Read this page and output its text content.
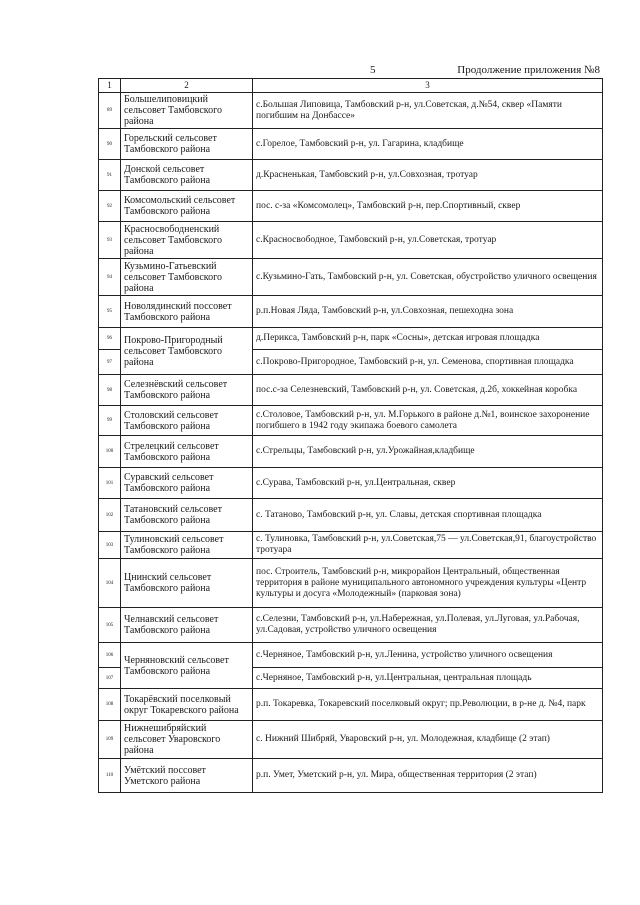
5	Продолжение приложения №8
1	2	3
89	Большелиповицкий сельсовет Тамбовского района	с.Большая Липовица, Тамбовский р-н, ул.Советская, д.№54, сквер «Памяти погибшим на Донбассе»
90	Горельский сельсовет Тамбовского района	с.Горелое, Тамбовский р-н, ул. Гагарина, кладбище
91	Донской сельсовет Тамбовского района	д.Красненькая, Тамбовский р-н, ул.Совхозная, тротуар
92	Комсомольский сельсовет Тамбовского района	пос. с-за «Комсомолец», Тамбовский р-н, пер.Спортивный, сквер
93	Красносвободненский сельсовет Тамбовского района	с.Красносвободное, Тамбовский р-н, ул.Советская, тротуар
94	Кузьмино-Гатьевский сельсовет Тамбовского района	с.Кузьмино-Гать, Тамбовский р-н, ул. Советская, обустройство уличного освещения
95	Новолядинский поссовет Тамбовского района	р.п.Новая Ляда, Тамбовский р-н, ул.Совхозная, пешеходна зона
96	Покрово-Пригородный сельсовет Тамбовского района	д.Перикса, Тамбовский р-н, парк «Сосны», детская игровая площадка
97		с.Покрово-Пригородное, Тамбовский р-н, ул. Семенова, спортивная площадка
98	Селезнёвский сельсовет Тамбовского района	пос.с-за Селезневский, Тамбовский р-н, ул. Советская, д.2б, хоккейная коробка
99	Столовский сельсовет Тамбовского района	с.Столовое, Тамбовский р-н, ул. М.Горького в районе д.№1, воинское захоронение погибшего в 1942 году экипажа боевого самолета
100	Стрелецкий сельсовет Тамбовского района	с.Стрельцы, Тамбовский р-н, ул.Урожайная,кладбище
101	Суравский сельсовет Тамбовского района	с.Сурава, Тамбовский р-н, ул.Центральная, сквер
102	Татановский сельсовет Тамбовского района	с. Татаново, Тамбовский р-н, ул. Славы, детская спортивная площадка
103	Тулиновский сельсовет Тамбовского района	с. Тулиновка, Тамбовский р-н, ул.Советская,75 — ул.Советская,91, благоустройство тротуара
104	Цнинский сельсовет Тамбовского района	пос. Строитель, Тамбовский р-н, микрорайон Центральный, общественная территория в районе муниципального автономного учреждения культуры «Центр культуры и досуга «Молодежный» (парковая зона)
105	Челнавский сельсовет Тамбовского района	с.Селезни, Тамбовский р-н, ул.Набережная, ул.Полевая, ул.Луговая, ул.Рабочая, ул.Садовая, устройство уличного освещения
106	Черняновский сельсовет Тамбовского района	с.Черняное, Тамбовский р-н, ул.Ленина, устройство уличного освещения
107		с.Черняное, Тамбовский р-н, ул.Центральная, центральная площадь
108	Токарёвский поселковый округ Токаревского района	р.п. Токаревка, Токаревский поселковый округ; пр.Революции, в р-не д. №4, парк
109	Нижнешибряйский сельсовет Уваровского района	с. Нижний Шибряй, Уваровский р-н, ул. Молодежная, кладбище (2 этап)
110	Умётский поссовет Уметского района	р.п. Умет, Уметский р-н, ул. Мира, общественная территория (2 этап)
